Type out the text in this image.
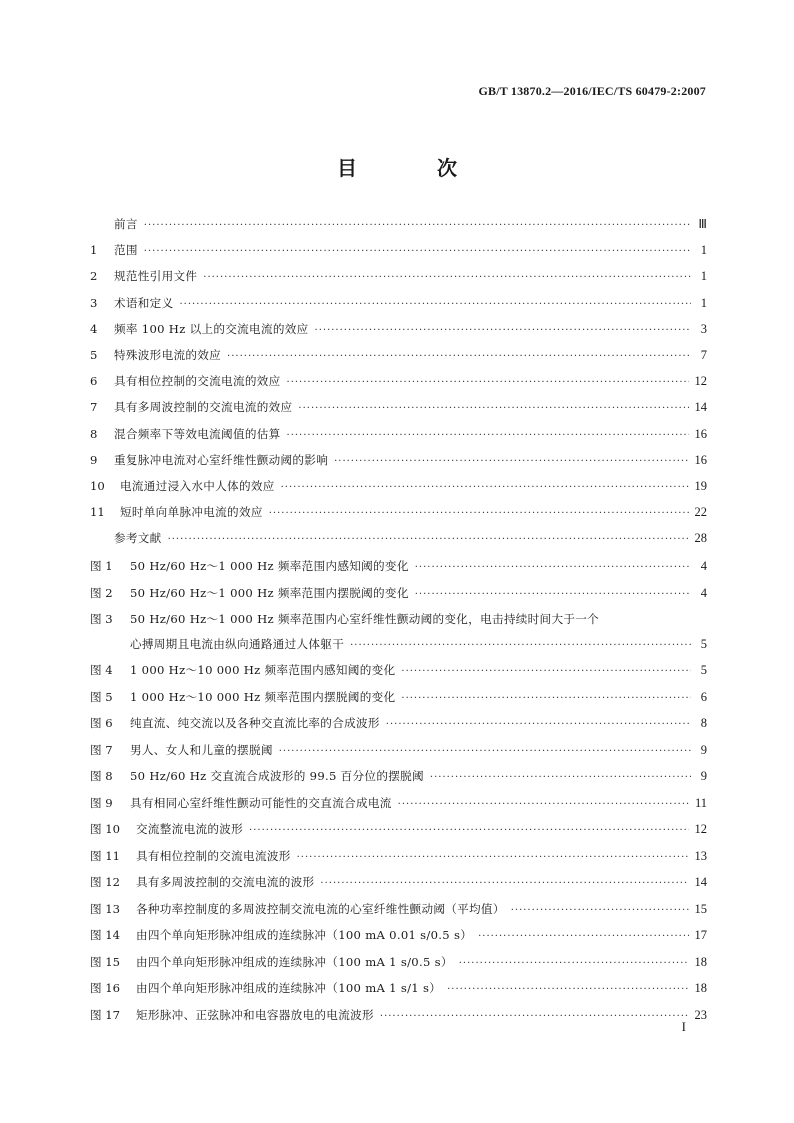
GB/T 13870.2—2016/IEC/TS 60479-2:2007
目　次
前言 ·····	Ⅲ
1	范围 ·····	1
2	规范性引用文件 ·····	1
3	术语和定义 ·····	1
4	频率 100 Hz 以上的交流电流的效应 ·····	3
5	特殊波形电流的效应 ·····	7
6	具有相位控制的交流电流的效应 ·····	12
7	具有多周波控制的交流电流的效应 ·····	14
8	混合频率下等效电流阈值的估算 ·····	16
9	重复脉冲电流对心室纤维性颤动阈的影响 ·····	16
10	电流通过浸入水中人体的效应 ·····	19
11	短时单向单脉冲电流的效应 ·····	22
参考文献 ·····	28
图 1	50 Hz/60 Hz～1 000 Hz 频率范围内感知阈的变化 ·····	4
图 2	50 Hz/60 Hz～1 000 Hz 频率范围内摆脱阈的变化 ·····	4
图 3	50 Hz/60 Hz～1 000 Hz 频率范围内心室纤维性颤动阈的变化，电击持续时间大于一个
心搏周期且电流由纵向通路通过人体躯干 ·····	5
图 4	1 000 Hz～10 000 Hz 频率范围内感知阈的变化 ·····	5
图 5	1 000 Hz～10 000 Hz 频率范围内摆脱阈的变化 ·····	6
图 6	纯直流、纯交流以及各种交直流比率的合成波形 ·····	8
图 7	男人、女人和儿童的摆脱阈 ·····	9
图 8	50 Hz/60 Hz 交直流合成波形的 99.5 百分位的摆脱阈 ·····	9
图 9	具有相同心室纤维性颤动可能性的交直流合成电流 ·····	11
图 10	交流整流电流的波形 ·····	12
图 11	具有相位控制的交流电流波形 ·····	13
图 12	具有多周波控制的交流电流的波形 ·····	14
图 13	各种功率控制度的多周波控制交流电流的心室纤维性颤动阈（平均值） ·····	15
图 14	由四个单向矩形脉冲组成的连续脉冲（100 mA 0.01 s/0.5 s） ·····	17
图 15	由四个单向矩形脉冲组成的连续脉冲（100 mA 1 s/0.5 s） ·····	18
图 16	由四个单向矩形脉冲组成的连续脉冲（100 mA 1 s/1 s） ·····	18
图 17	矩形脉冲、正弦脉冲和电容器放电的电流波形 ·····	23
I
